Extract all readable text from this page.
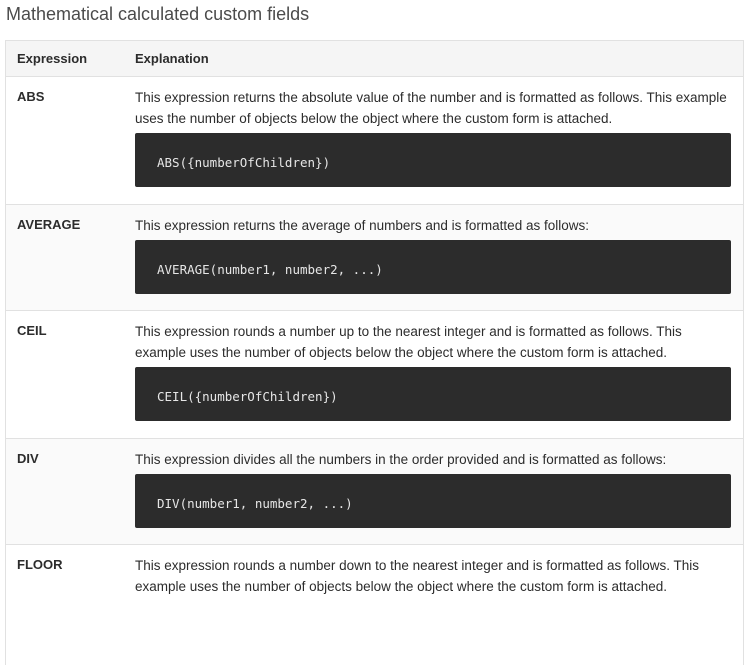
Mathematical calculated custom fields
Expression	Explanation
ABS	This expression returns the absolute value of the number and is formatted as follows. This example uses the number of objects below the object where the custom form is attached.
ABS({numberOfChildren})
AVERAGE	This expression returns the average of numbers and is formatted as follows:
AVERAGE(number1, number2, ...)
CEIL	This expression rounds a number up to the nearest integer and is formatted as follows. This example uses the number of objects below the object where the custom form is attached.
CEIL({numberOfChildren})
DIV	This expression divides all the numbers in the order provided and is formatted as follows:
DIV(number1, number2, ...)
FLOOR	This expression rounds a number down to the nearest integer and is formatted as follows. This example uses the number of objects below the object where the custom form is attached.
